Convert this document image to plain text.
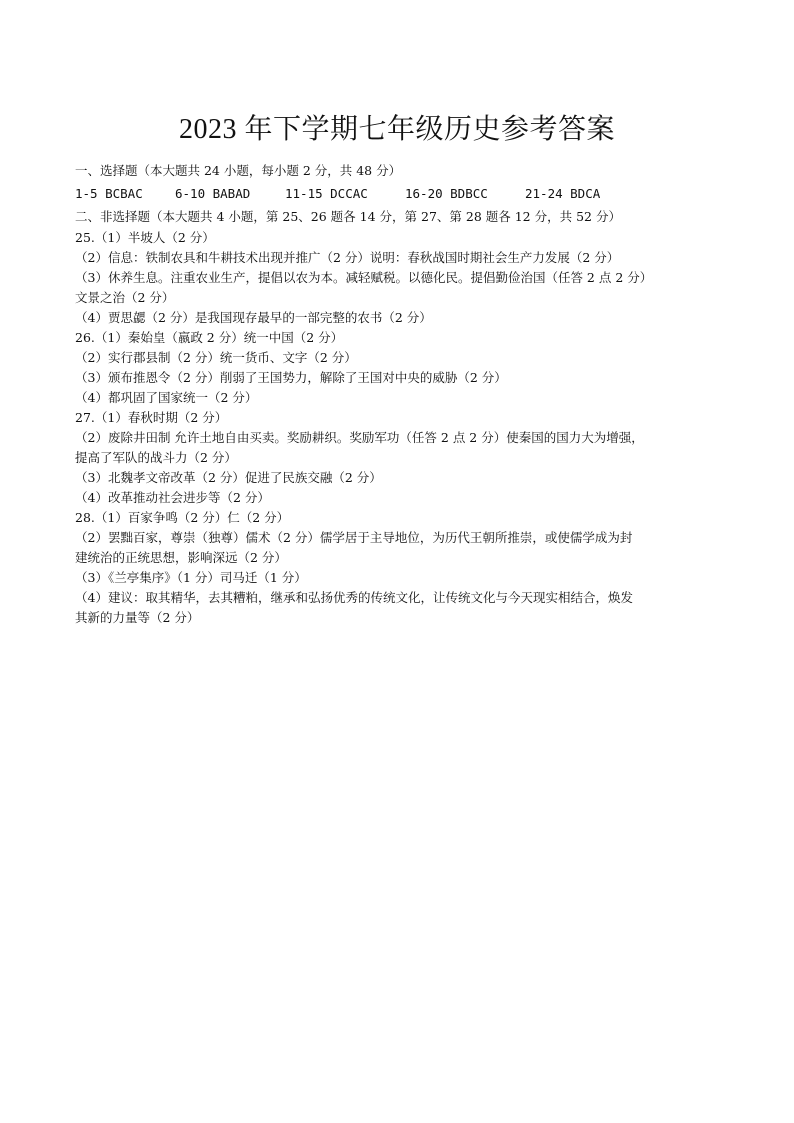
2023 年下学期七年级历史参考答案
一、选择题（本大题共 24 小题，每小题 2 分，共 48 分）
1-5 BCBAC	6-10 BABAD	11-15 DCCAC	16-20 BDBCC	21-24 BDCA
二、非选择题（本大题共 4 小题，第 25、26 题各 14 分，第 27、第 28 题各 12 分，共 52 分）
25.（1）半坡人（2 分）
（2）信息：铁制农具和牛耕技术出现并推广（2 分）说明：春秋战国时期社会生产力发展（2 分）
（3）休养生息。注重农业生产，提倡以农为本。减轻赋税。以德化民。提倡勤俭治国（任答 2 点 2 分）
文景之治（2 分）
（4）贾思勰（2 分）是我国现存最早的一部完整的农书（2 分）
26.（1）秦始皇（嬴政 2 分）统一中国（2 分）
（2）实行郡县制（2 分）统一货币、文字（2 分）
（3）颁布推恩令（2 分）削弱了王国势力，解除了王国对中央的威胁（2 分）
（4）都巩固了国家统一（2 分）
27.（1）春秋时期（2 分）
（2）废除井田制 允许土地自由买卖。奖励耕织。奖励军功（任答 2 点 2 分）使秦国的国力大为增强，
提高了军队的战斗力（2 分）
（3）北魏孝文帝改革（2 分）促进了民族交融（2 分）
（4）改革推动社会进步等（2 分）
28.（1）百家争鸣（2 分）仁（2 分）
（2）罢黜百家，尊崇（独尊）儒术（2 分）儒学居于主导地位，为历代王朝所推崇，或使儒学成为封
建统治的正统思想，影响深远（2 分）
（3）《兰亭集序》（1 分）司马迁（1 分）
（4）建议：取其精华，去其糟粕，继承和弘扬优秀的传统文化，让传统文化与今天现实相结合，焕发
其新的力量等（2 分）
